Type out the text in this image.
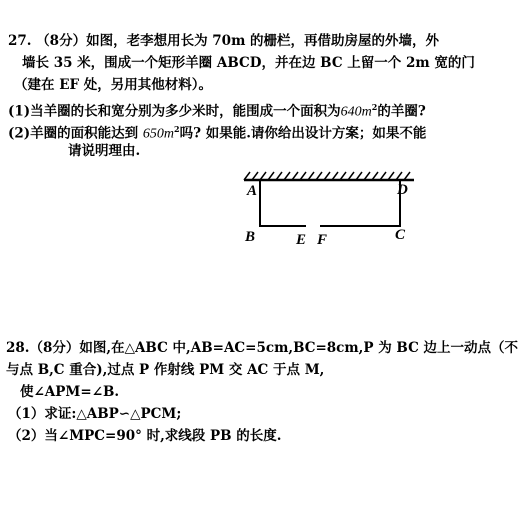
27. （8分）如图，老李想用长为 70m 的栅栏，再借助房屋的外墙，外
墙长 35 米，围成一个矩形羊圈 ABCD，并在边 BC 上留一个 2m 宽的门
（建在 EF 处，另用其他材料）。
(1)当羊圈的长和宽分别为多少米时，能围成一个面积为$640m^2$的羊圈?
(2)羊圈的面积能达到 $650m^2$吗? 如果能.请你给出设计方案；如果不能
请说明理由.
A
B
D
C
E F
28.（8分）如图,在△ABC 中,AB=AC=5cm,BC=8cm,P 为 BC 边上一动点（不
与点 B,C 重合),过点 P 作射线 PM 交 AC 于点 M,
使∠APM=∠B.
（1）求证:△ABP∽△PCM;
（2）当∠MPC=90° 时,求线段 PB 的长度.
